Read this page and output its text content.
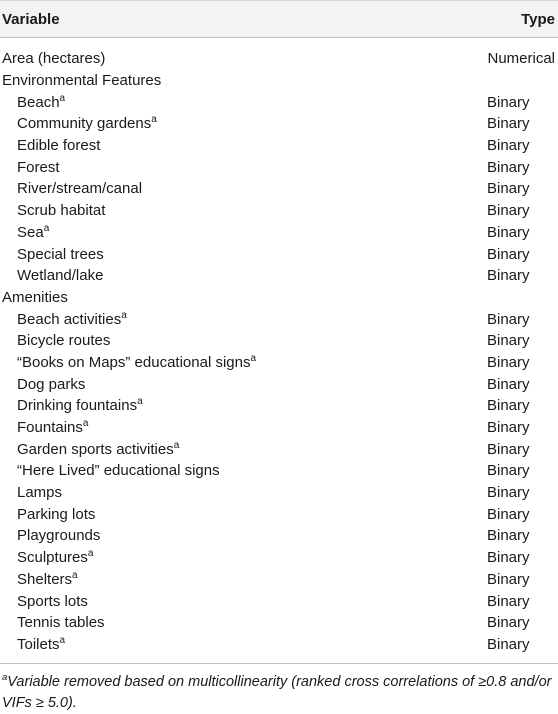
Variable	Type
Area (hectares)	Numerical
Environmental Features
Beach$^a$	Binary
Community gardens$^a$	Binary
Edible forest	Binary
Forest	Binary
River/stream/canal	Binary
Scrub habitat	Binary
Sea$^a$	Binary
Special trees	Binary
Wetland/lake	Binary
Amenities
Beach activities$^a$	Binary
Bicycle routes	Binary
“Books on Maps” educational signs$^a$	Binary
Dog parks	Binary
Drinking fountains$^a$	Binary
Fountains$^a$	Binary
Garden sports activities$^a$	Binary
“Here Lived” educational signs	Binary
Lamps	Binary
Parking lots	Binary
Playgrounds	Binary
Sculptures$^a$	Binary
Shelters$^a$	Binary
Sports lots	Binary
Tennis tables	Binary
Toilets$^a$	Binary
$^a$Variable removed based on multicollinearity (ranked cross correlations of ≥0.8 and/or VIFs ≥ 5.0).
